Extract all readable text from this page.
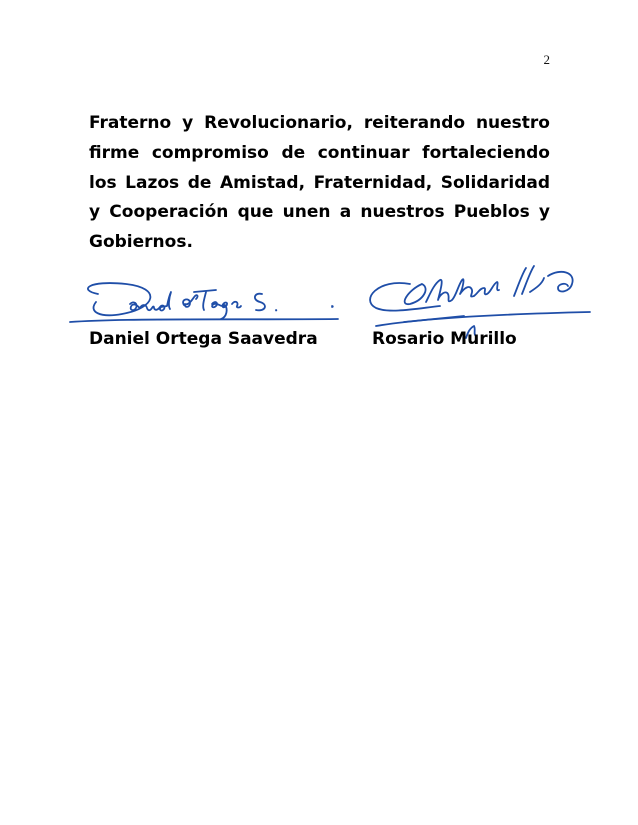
2

Fraterno y Revolucionario, reiterando nuestro firme compromiso de continuar fortaleciendo los Lazos de Amistad, Fraternidad, Solidaridad y Cooperación que unen a nuestros Pueblos y Gobiernos.

Daniel Ortega Saavedra	Rosario Murillo
